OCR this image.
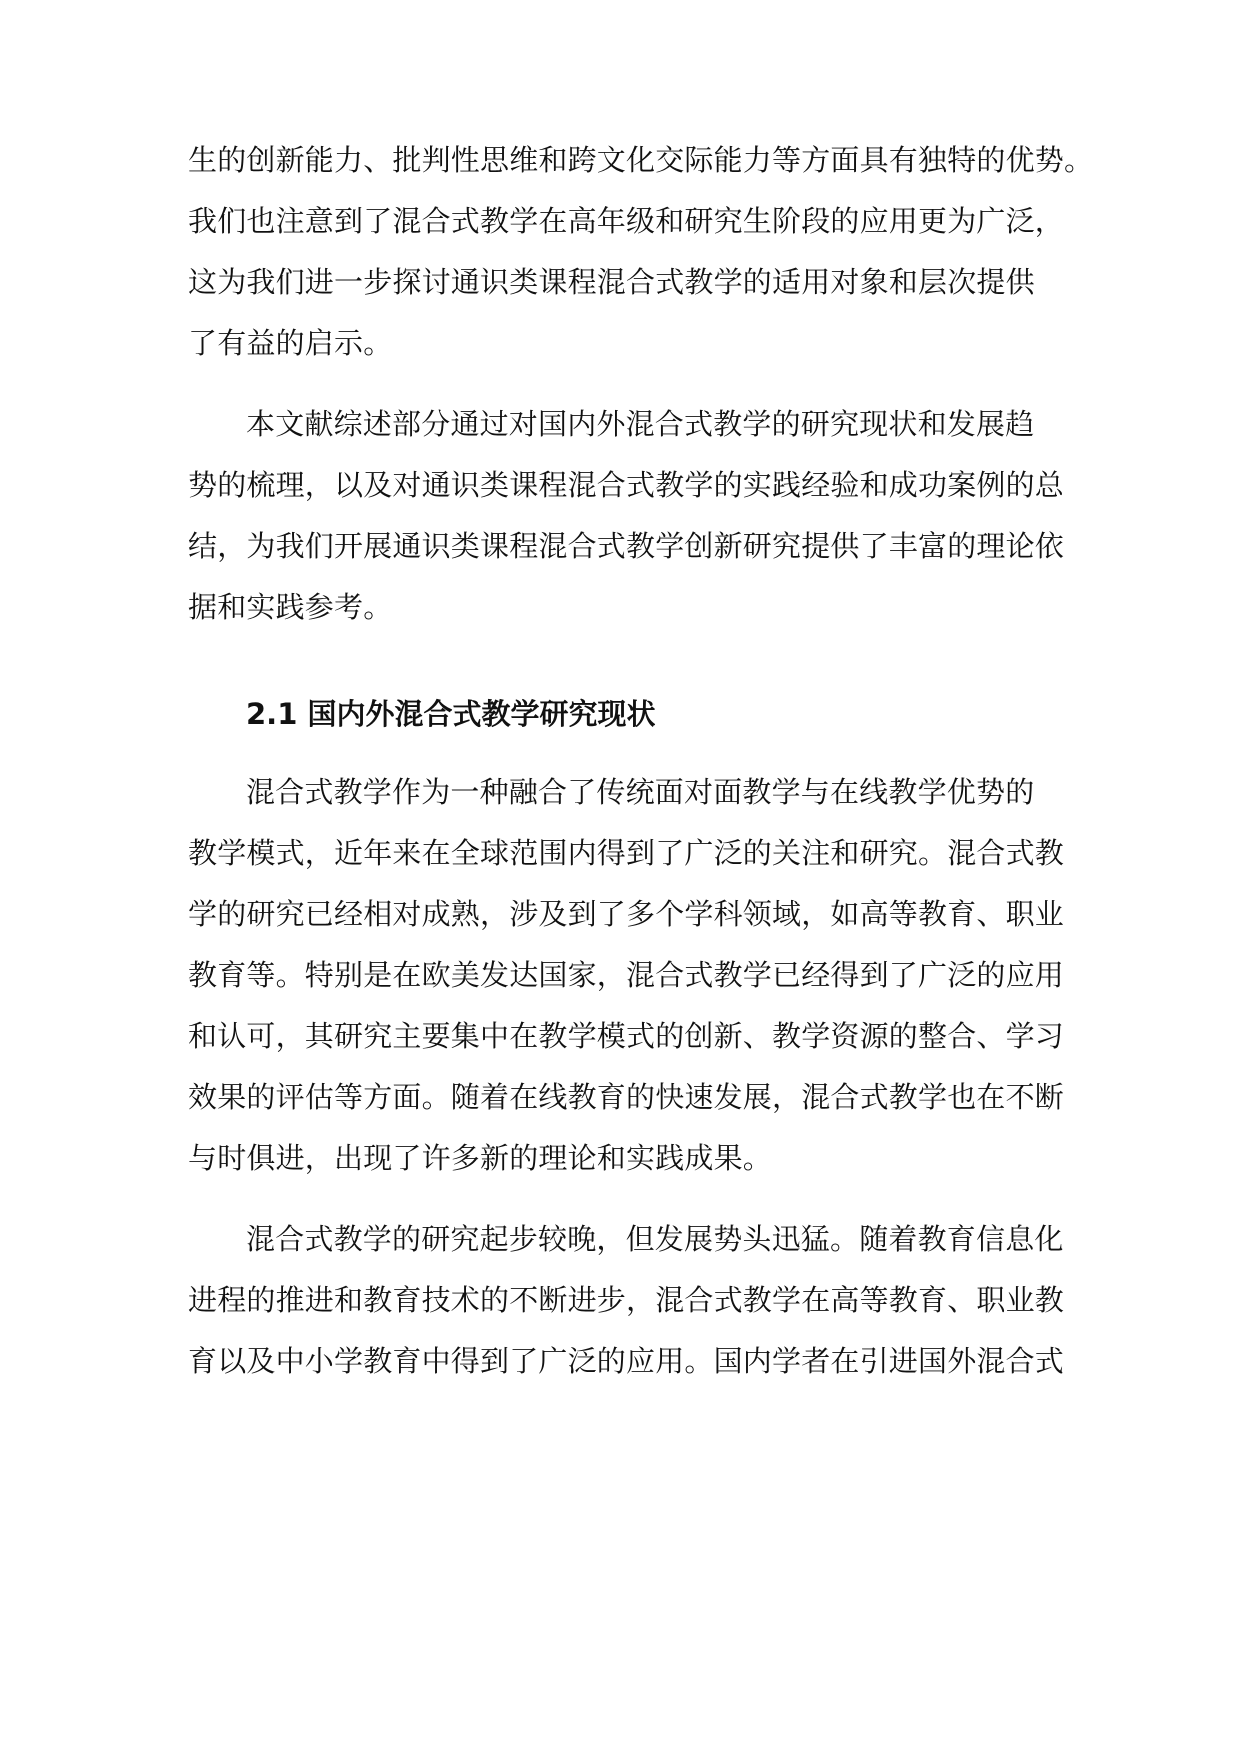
生的创新能力、批判性思维和跨文化交际能力等方面具有独特的优势。
我们也注意到了混合式教学在高年级和研究生阶段的应用更为广泛，
这为我们进一步探讨通识类课程混合式教学的适用对象和层次提供
了有益的启示。
本文献综述部分通过对国内外混合式教学的研究现状和发展趋
势的梳理，以及对通识类课程混合式教学的实践经验和成功案例的总
结，为我们开展通识类课程混合式教学创新研究提供了丰富的理论依
据和实践参考。
2.1 国内外混合式教学研究现状
混合式教学作为一种融合了传统面对面教学与在线教学优势的
教学模式，近年来在全球范围内得到了广泛的关注和研究。混合式教
学的研究已经相对成熟，涉及到了多个学科领域，如高等教育、职业
教育等。特别是在欧美发达国家，混合式教学已经得到了广泛的应用
和认可，其研究主要集中在教学模式的创新、教学资源的整合、学习
效果的评估等方面。随着在线教育的快速发展，混合式教学也在不断
与时俱进，出现了许多新的理论和实践成果。
混合式教学的研究起步较晚，但发展势头迅猛。随着教育信息化
进程的推进和教育技术的不断进步，混合式教学在高等教育、职业教
育以及中小学教育中得到了广泛的应用。国内学者在引进国外混合式
